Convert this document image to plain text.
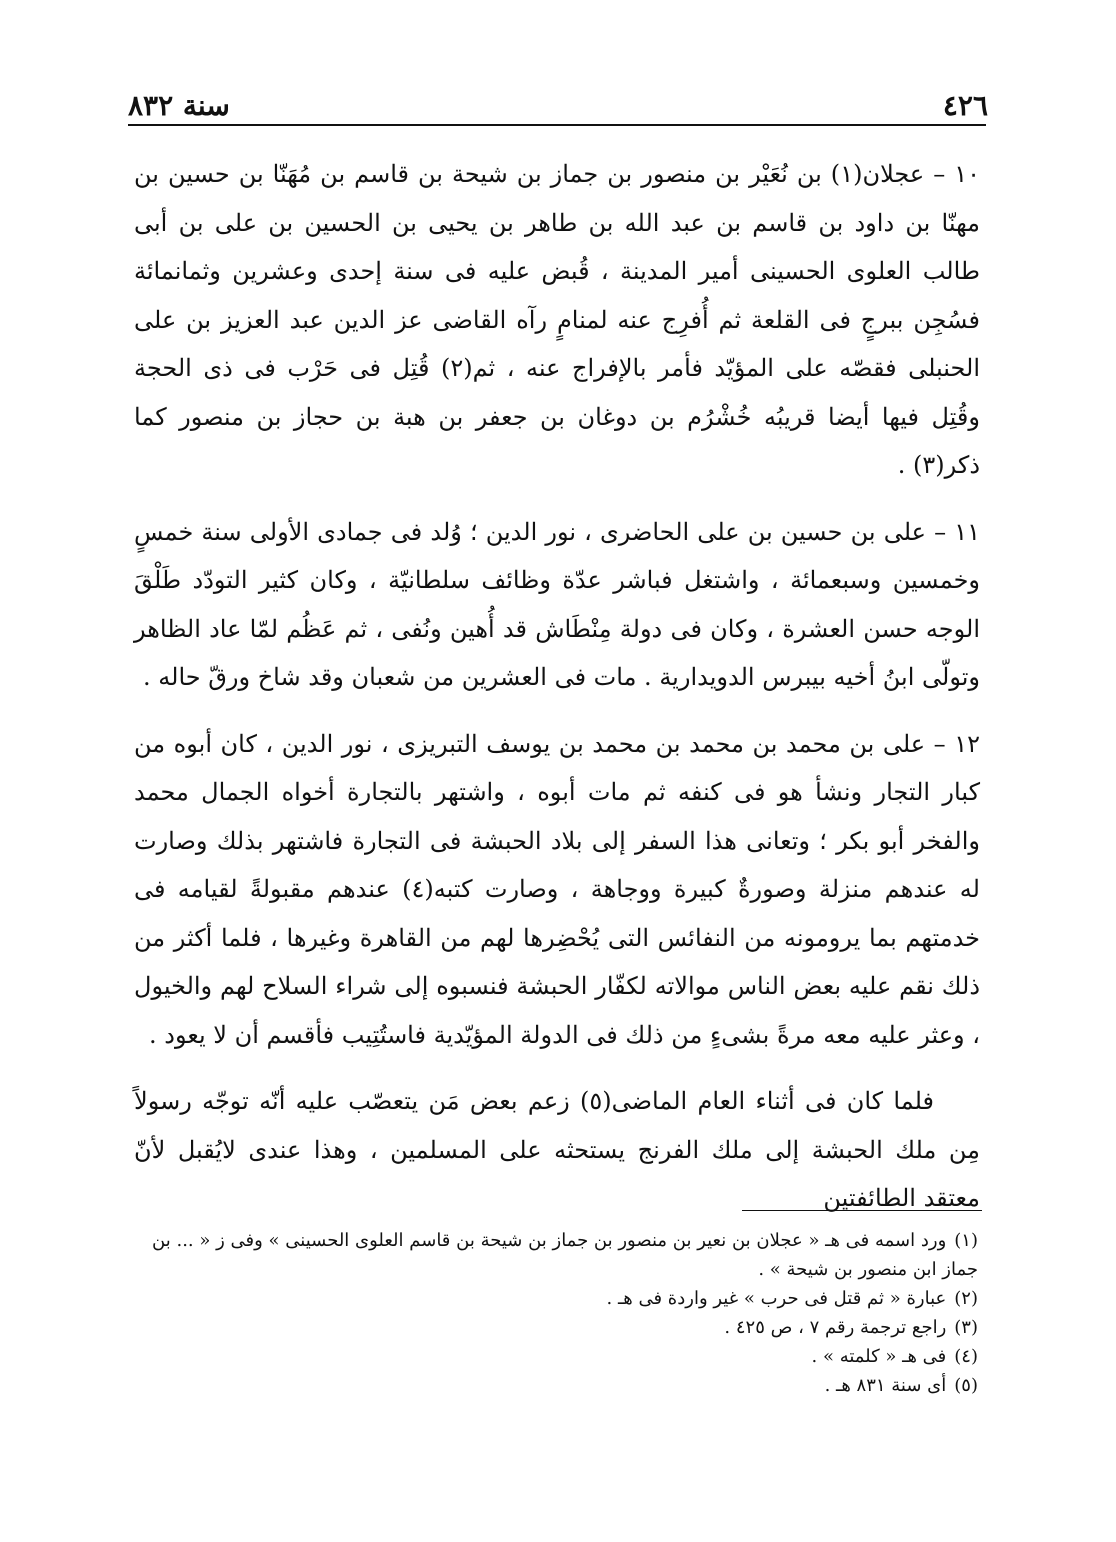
٤٢٦
سنة ٨٣٢

١٠ – عجلان(١) بن نُعَيْر بن منصور بن جماز بن شيحة بن قاسم بن مُهَنّا بن حسين بن مهنّا بن داود بن قاسم بن عبد الله بن طاهر بن يحيى بن الحسين بن على بن أبى طالب العلوى الحسينى أمير المدينة ، قُبض عليه فى سنة إحدى وعشرين وثمانمائة فسُجِن ببرجٍ فى القلعة ثم أُفرِج عنه لمنامٍ رآه القاضى عز الدين عبد العزيز بن على الحنبلى فقصّه على المؤيّد فأمر بالإفراج عنه ، ثم(٢) قُتِل فى حَرْب فى ذى الحجة وقُتِل فيها أيضا قريبُه خُشْرُم بن دوغان بن جعفر بن هبة بن حجاز بن منصور كما ذكر(٣) .

١١ – على بن حسين بن على الحاضرى ، نور الدين ؛ وُلد فى جمادى الأولى سنة خمسٍ وخمسين وسبعمائة ، واشتغل فباشر عدّة وظائف سلطانيّة ، وكان كثير التودّد طَلْقَ الوجه حسن العشرة ، وكان فى دولة مِنْطَاش قد أُهين ونُفى ، ثم عَظُم لمّا عاد الظاهر وتولّى ابنُ أخيه بيبرس الدويدارية . مات فى العشرين من شعبان وقد شاخ ورقّ حاله .

١٢ – على بن محمد بن محمد بن محمد بن يوسف التبريزى ، نور الدين ، كان أبوه من كبار التجار ونشأ هو فى كنفه ثم مات أبوه ، واشتهر بالتجارة أخواه الجمال محمد والفخر أبو بكر ؛ وتعانى هذا السفر إلى بلاد الحبشة فى التجارة فاشتهر بذلك وصارت له عندهم منزلة وصورةٌ كبيرة ووجاهة ، وصارت كتبه(٤) عندهم مقبولةً لقيامه فى خدمتهم بما يرومونه من النفائس التى يُحْضِرها لهم من القاهرة وغيرها ، فلما أكثر من ذلك نقم عليه بعض الناس موالاته لكفّار الحبشة فنسبوه إلى شراء السلاح لهم والخيول ، وعثر عليه معه مرةً بشىءٍ من ذلك فى الدولة المؤيّدية فاستُتِيب فأقسم أن لا يعود .

فلما كان فى أثناء العام الماضى(٥) زعم بعض مَن يتعصّب عليه أنّه توجّه رسولاً مِن ملك الحبشة إلى ملك الفرنج يستحثه على المسلمين ، وهذا عندى لايُقبل لأنّ معتقد الطائفتين

(١)ورد اسمه فى هـ « عجلان بن نعير بن منصور بن جماز بن شيحة بن قاسم العلوى الحسينى » وفى ز « ... بن جماز ابن منصور بن شيحة » .

(٢)عبارة « ثم قتل فى حرب » غير واردة فى هـ .

(٣)راجع ترجمة رقم ٧ ، ص ٤٢٥ .

(٤)فى هـ « كلمته » .

(٥)أى سنة ٨٣١ هـ .
